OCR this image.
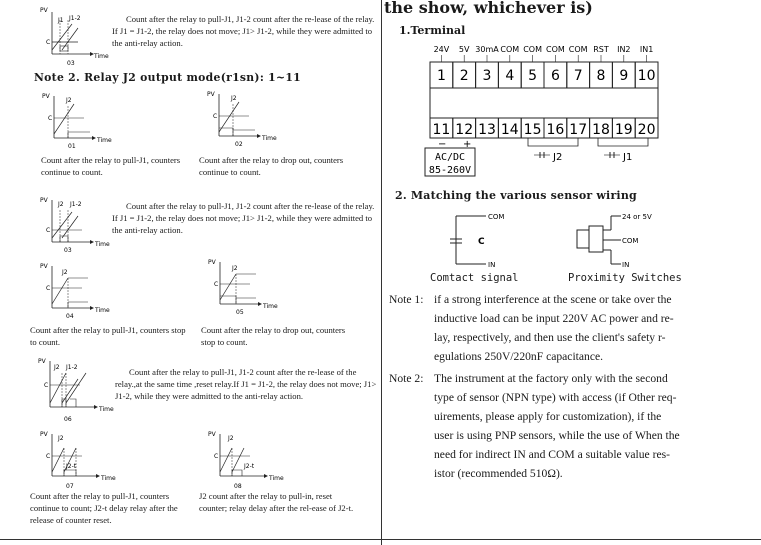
PV
J1 J1-2
C
Time
03
Count after the relay to pull-J1, J1-2 count after the re-lease of the relay. If J1 = J1-2, the relay does not move; J1> J1-2, while they were admitted to the anti-relay action.
Note 2. Relay J2 output mode(r1sn): 1~11
PV
Time
C
J2
01
PV
Time
C
J2
02
Count after the relay to pull-J1, counters continue to count.
Count after the relay to drop out, counters continue to count.
PV
Time
C
J2 J1-2
03
Count after the relay to pull-J1, J1-2 count after the re-lease of the relay. If J1 = J1-2, the relay does not move; J1> J1-2, while they were admitted to the anti-relay action.
PV
Time
C
J2
04
PV
Time
C
J2
05
Count after the relay to pull-J1, counters stop to count.
Count after the relay to drop out, counters stop to count.
PV
Time
C
J2 J1-2
06
Count after the relay to pull-J1, J1-2 count after the re-lease of the relay.,at the same time ,reset relay.If J1 = J1-2, the relay does not move; J1> J1-2, while they were admitted to the anti-relay action.
PV
Time
C
J2
07
J2-t
PV
Time
C
J2
08
J2-t
Count after the relay to pull-J1, counters continue to count; J2-t delay relay after the release of counter reset.
J2 count after the relay to pull-in, reset counter; relay delay after the rel-ease of J2-t.
the show, whichever is)
1.Terminal
24V 5V 30mA COM COM COM COM RST IN2 IN1
1 2 3 4 5 6 7 8 9 10
11 12 13 14 15 16 17 18 19 20
− +
AC/DC
85-260V
J2	J1
2. Matching the various sensor wiring
COM
C
IN
Comtact signal
24 or 5V
COM
IN
Proximity Switches
Note 1: if a strong interference at the scene or take over the
inductive load can be input 220V AC power and re-
lay, respectively, and then use the client's safety r-
egulations 250V/220nF capacitance.
Note 2: The instrument at the factory only with the second
type of sensor (NPN type) with access (if Other req-
uirements, please apply for customization), if the
user is using PNP sensors, while the use of When the
need for indirect IN and COM a suitable value res-
istor (recommended 510Ω).
